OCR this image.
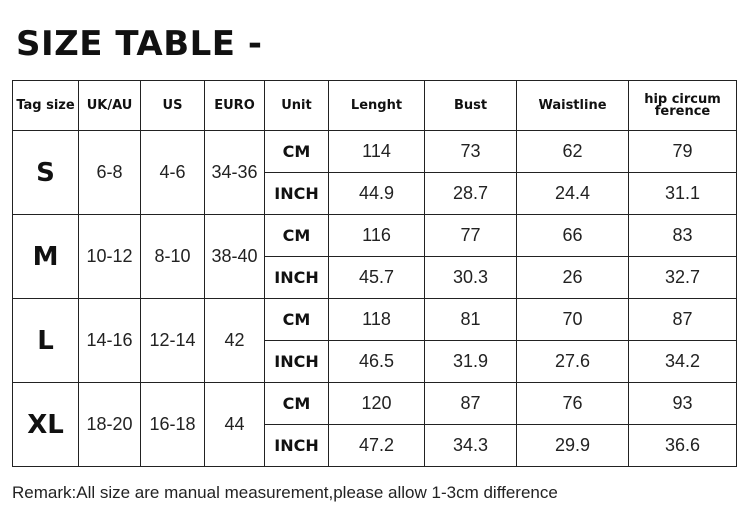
SIZE TABLE -
Tag size	UK/AU	US	EURO	Unit	Lenght	Bust	Waistline	hip circum ference
S	6-8	4-6	34-36	CM	114	73	62	79
				INCH	44.9	28.7	24.4	31.1
M	10-12	8-10	38-40	CM	116	77	66	83
				INCH	45.7	30.3	26	32.7
L	14-16	12-14	42	CM	118	81	70	87
				INCH	46.5	31.9	27.6	34.2
XL	18-20	16-18	44	CM	120	87	76	93
				INCH	47.2	34.3	29.9	36.6

Remark:All size are manual measurement,please allow 1-3cm difference
